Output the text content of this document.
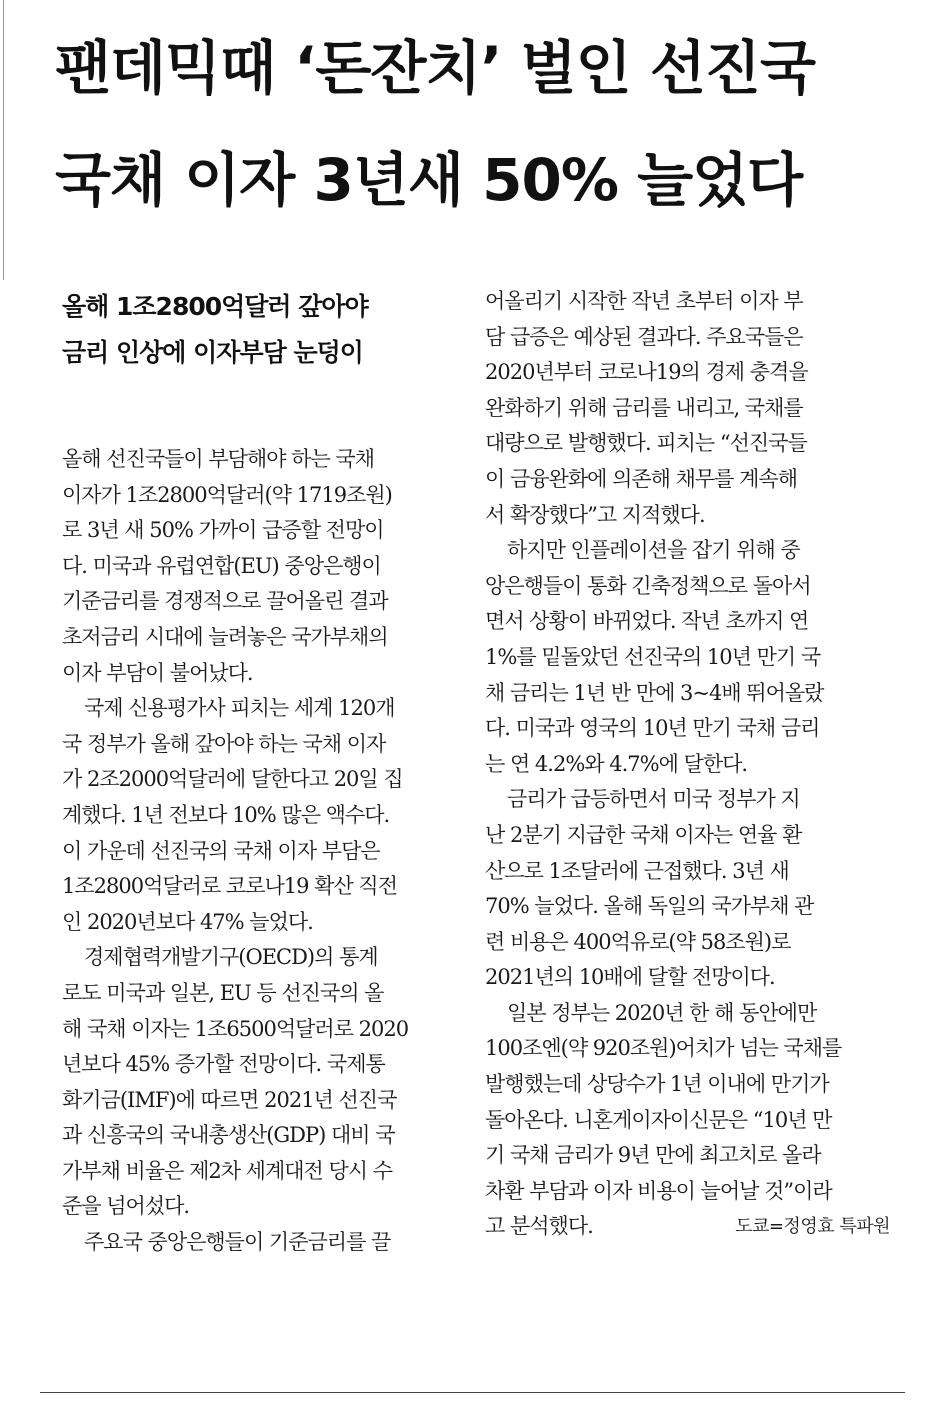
팬데믹때 ‘돈잔치’ 벌인 선진국
국채 이자 3년새 50% 늘었다
올해 1조2800억달러 갚아야
금리 인상에 이자부담 눈덩이
올해 선진국들이 부담해야 하는 국채
이자가 1조2800억달러(약 1719조원)
로 3년 새 50% 가까이 급증할 전망이
다. 미국과 유럽연합(EU) 중앙은행이
기준금리를 경쟁적으로 끌어올린 결과
초저금리 시대에 늘려놓은 국가부채의
이자 부담이 불어났다.
국제 신용평가사 피치는 세계 120개
국 정부가 올해 갚아야 하는 국채 이자
가 2조2000억달러에 달한다고 20일 집
계했다. 1년 전보다 10% 많은 액수다.
이 가운데 선진국의 국채 이자 부담은
1조2800억달러로 코로나19 확산 직전
인 2020년보다 47% 늘었다.
경제협력개발기구(OECD)의 통계
로도 미국과 일본, EU 등 선진국의 올
해 국채 이자는 1조6500억달러로 2020
년보다 45% 증가할 전망이다. 국제통
화기금(IMF)에 따르면 2021년 선진국
과 신흥국의 국내총생산(GDP) 대비 국
가부채 비율은 제2차 세계대전 당시 수
준을 넘어섰다.
주요국 중앙은행들이 기준금리를 끌
어올리기 시작한 작년 초부터 이자 부
담 급증은 예상된 결과다. 주요국들은
2020년부터 코로나19의 경제 충격을
완화하기 위해 금리를 내리고, 국채를
대량으로 발행했다. 피치는 “선진국들
이 금융완화에 의존해 채무를 계속해
서 확장했다”고 지적했다.
하지만 인플레이션을 잡기 위해 중
앙은행들이 통화 긴축정책으로 돌아서
면서 상황이 바뀌었다. 작년 초까지 연
1%를 밑돌았던 선진국의 10년 만기 국
채 금리는 1년 반 만에 3~4배 뛰어올랐
다. 미국과 영국의 10년 만기 국채 금리
는 연 4.2%와 4.7%에 달한다.
금리가 급등하면서 미국 정부가 지
난 2분기 지급한 국채 이자는 연율 환
산으로 1조달러에 근접했다. 3년 새
70% 늘었다. 올해 독일의 국가부채 관
련 비용은 400억유로(약 58조원)로
2021년의 10배에 달할 전망이다.
일본 정부는 2020년 한 해 동안에만
100조엔(약 920조원)어치가 넘는 국채를
발행했는데 상당수가 1년 이내에 만기가
돌아온다. 니혼게이자이신문은 “10년 만
기 국채 금리가 9년 만에 최고치로 올라
차환 부담과 이자 비용이 늘어날 것”이라
고 분석했다.	도쿄=정영효 특파원
